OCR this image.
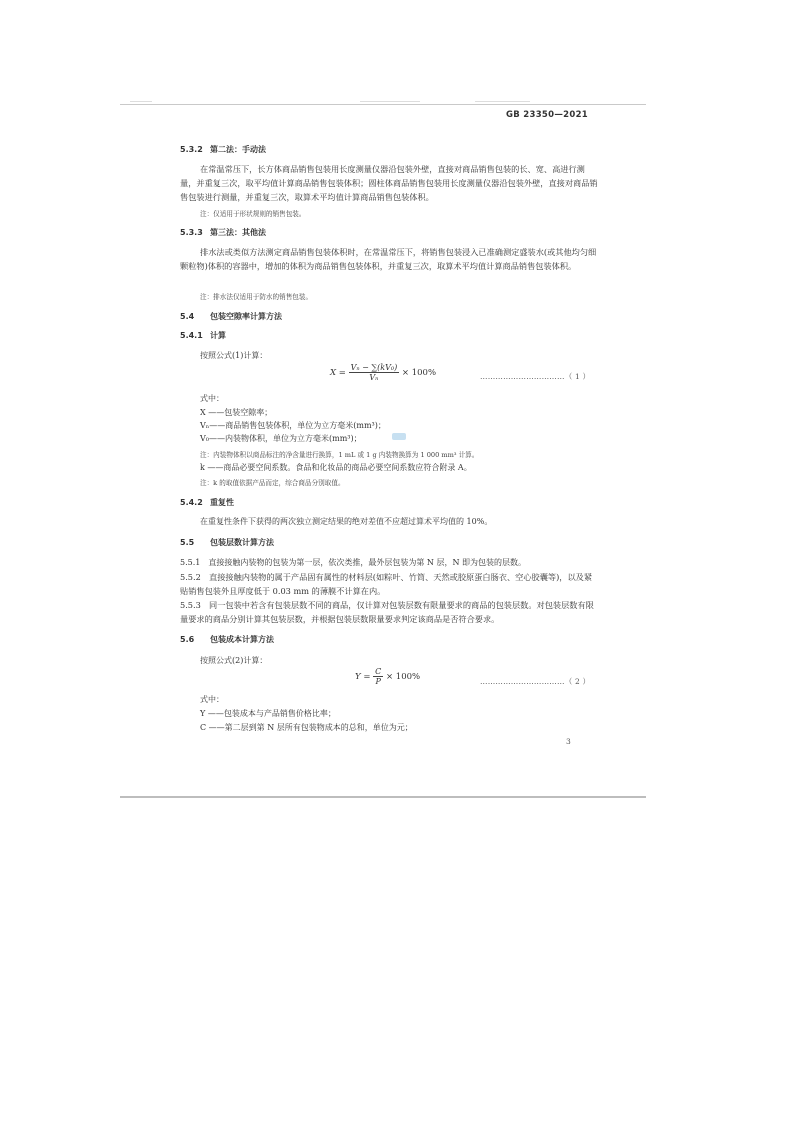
GB 23350—2021
5.3.2 第二法：手动法
在常温常压下，长方体商品销售包装用长度测量仪器沿包装外壁，直接对商品销售包装的长、宽、高进行测量，并重复三次，取平均值计算商品销售包装体积；圆柱体商品销售包装用长度测量仪器沿包装外壁，直接对商品销售包装进行测量，并重复三次，取算术平均值计算商品销售包装体积。
注：仅适用于形状规则的销售包装。
5.3.3 第三法：其他法
排水法或类似方法测定商品销售包装体积时，在常温常压下，将销售包装浸入已准确测定盛装水(或其他均匀细颗粒物)体积的容器中，增加的体积为商品销售包装体积，并重复三次，取算术平均值计算商品销售包装体积。
注：排水法仅适用于防水的销售包装。
5.4 包装空隙率计算方法
5.4.1 计算
按照公式(1)计算：
$X = \frac{\text{Vₙ − ∑(kV₀)}}{\text{Vₙ}} \times 100\%$	……………………………（ 1 ）
式中：
X ——包装空隙率；
Vₙ——商品销售包装体积，单位为立方毫米(mm³)；
V₀——内装物体积，单位为立方毫米(mm³)；
注：内装物体积以商品标注的净含量进行换算，1 mL 或 1 g 内装物换算为 1 000 mm³ 计算。
k ——商品必要空间系数。食品和化妆品的商品必要空间系数应符合附录 A。
注：k 的取值依据产品而定，综合商品分别取值。
5.4.2 重复性
在重复性条件下获得的两次独立测定结果的绝对差值不应超过算术平均值的 10%。
5.5 包装层数计算方法
5.5.1　直接接触内装物的包装为第一层，依次类推，最外层包装为第 N 层，N 即为包装的层数。
5.5.2　直接接触内装物的属于产品固有属性的材料层(如粽叶、竹筒、天然或胶原蛋白肠衣、空心胶囊等)，以及紧贴销售包装外且厚度低于 0.03 mm 的薄膜不计算在内。
5.5.3　同一包装中若含有包装层数不同的商品，仅计算对包装层数有限量要求的商品的包装层数。对包装层数有限量要求的商品分别计算其包装层数，并根据包装层数限量要求判定该商品是否符合要求。
5.6 包装成本计算方法
按照公式(2)计算：
$Y = \frac{C}{P} \times 100\%$	……………………………（ 2 ）
式中：
Y ——包装成本与产品销售价格比率；
C ——第二层到第 N 层所有包装物成本的总和，单位为元；
3
